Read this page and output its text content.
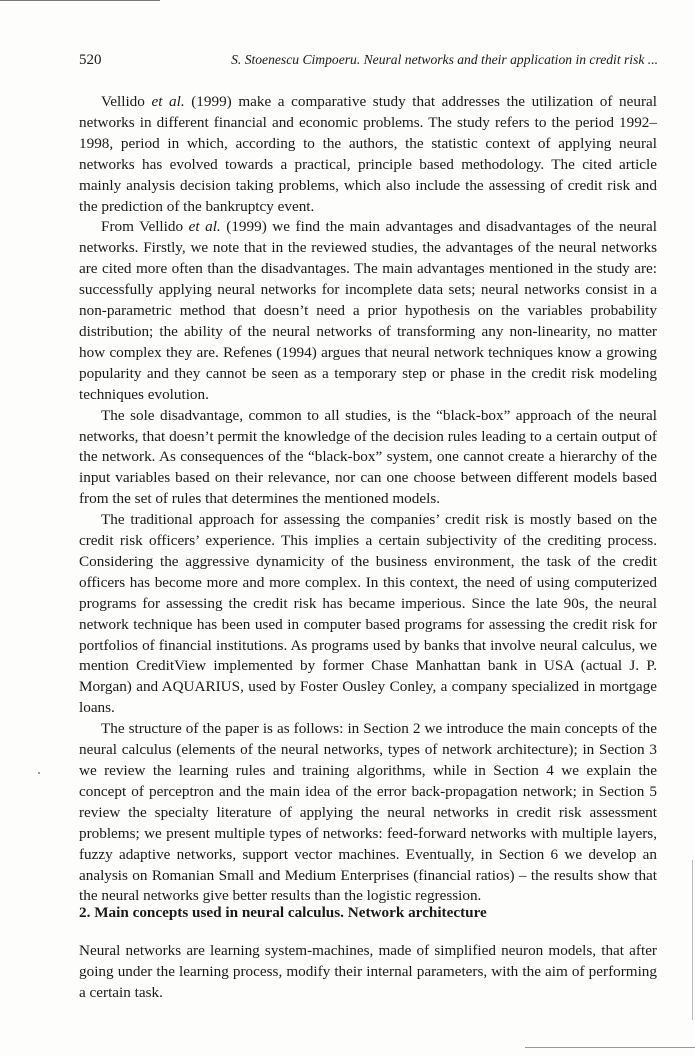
520	S. Stoenescu Cimpoeru. Neural networks and their application in credit risk ...

Vellido et al. (1999) make a comparative study that addresses the utilization of neural networks in different financial and economic problems. The study refers to the period 1992–1998, period in which, according to the authors, the statistic context of applying neural networks has evolved towards a practical, principle based methodology. The cited article mainly analysis decision taking problems, which also include the assessing of credit risk and the prediction of the bankruptcy event.

From Vellido et al. (1999) we find the main advantages and disadvantages of the neural networks. Firstly, we note that in the reviewed studies, the advantages of the neural networks are cited more often than the disadvantages. The main advantages mentioned in the study are: successfully applying neural networks for incomplete data sets; neural networks consist in a non-parametric method that doesn’t need a prior hypothesis on the variables probability distribution; the ability of the neural networks of transforming any non-linearity, no matter how complex they are. Refenes (1994) argues that neural network techniques know a growing popularity and they cannot be seen as a temporary step or phase in the credit risk modeling techniques evolution.

The sole disadvantage, common to all studies, is the “black-box” approach of the neural networks, that doesn’t permit the knowledge of the decision rules leading to a certain output of the network. As consequences of the “black-box” system, one cannot create a hierarchy of the input variables based on their relevance, nor can one choose between different models based from the set of rules that determines the mentioned models.

The traditional approach for assessing the companies’ credit risk is mostly based on the credit risk officers’ experience. This implies a certain subjectivity of the crediting process. Considering the aggressive dynamicity of the business environment, the task of the credit officers has become more and more complex. In this context, the need of using computerized programs for assessing the credit risk has became imperious. Since the late 90s, the neural network technique has been used in computer based programs for assessing the credit risk for portfolios of financial institutions. As programs used by banks that involve neural calculus, we mention CreditView implemented by former Chase Manhattan bank in USA (actual J. P. Morgan) and AQUARIUS, used by Foster Ousley Conley, a company specialized in mortgage loans.

The structure of the paper is as follows: in Section 2 we introduce the main concepts of the neural calculus (elements of the neural networks, types of network architecture); in Section 3 we review the learning rules and training algorithms, while in Section 4 we explain the concept of perceptron and the main idea of the error back-propagation network; in Section 5 review the specialty literature of applying the neural networks in credit risk assessment problems; we present multiple types of networks: feed-forward networks with multiple layers, fuzzy adaptive networks, support vector machines. Eventually, in Section 6 we develop an analysis on Romanian Small and Medium Enterprises (financial ratios) – the results show that the neural networks give better results than the logistic regression.

2. Main concepts used in neural calculus. Network architecture

Neural networks are learning system-machines, made of simplified neuron models, that after going under the learning process, modify their internal parameters, with the aim of performing a certain task.
